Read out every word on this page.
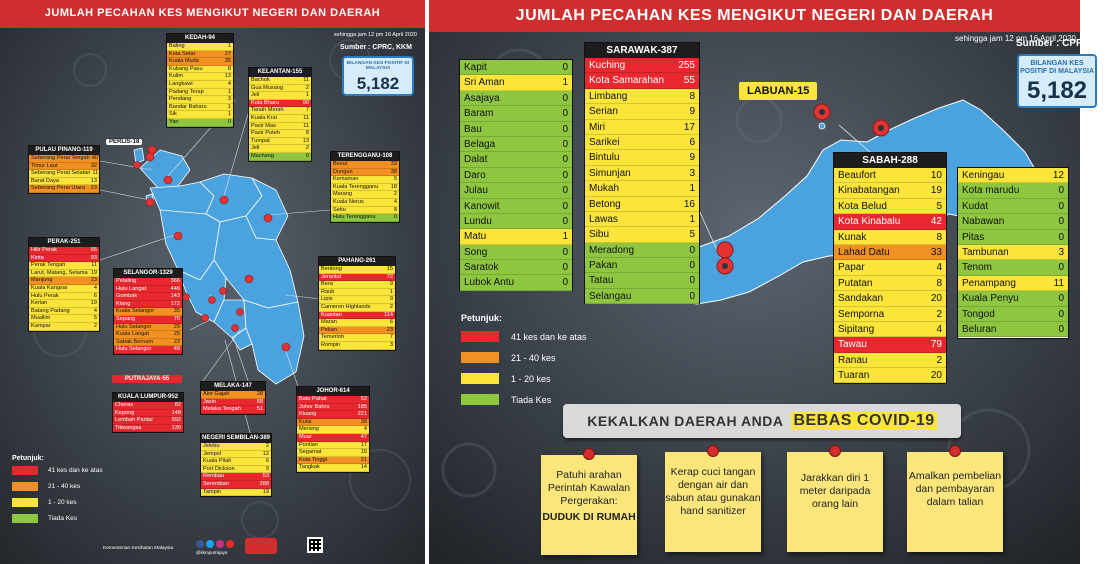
JUMLAH PECAHAN KES MENGIKUT NEGERI DAN DAERAH
sehingga jam 12 pm 16 April 2020
Sumber : CPRC, KKM
BILANGAN KES POSITIF DI MALAYSIA
5,182
KEDAH-94
Baling	1
Kota Setar	27
Kuala Muda	35
Kubang Pasu	8
Kulim	13
Langkawi	4
Padang Terap	1
Pendang	3
Bandar Baharu	1
Sik	1
Yan	0
KELANTAN-155
Bachok	11
Gua Musang	2
Jeli	1
Kota Bharu	90
Tanah Merah	7
Kuala Krai	11
Pasir Mas	11
Pasir Puteh	8
Tumpat	13
Jeli	2
Machang	0
PULAU PINANG-119
Seberang Perai Tengah 40
Timur Laut	32
Seberang Perai Selatan 11
Barat Daya	13
Seberang Perai Utara	23
TERENGGANU-108
Besut	33
Dungun	38
Kemaman	5
Kuala Terengganu	18
Marang	2
Kuala Nerus	4
Setiu	8
Hulu Terengganu	0
PERAK-251
Hilir Perak	65
Kinta	93
Perak Tengah	11
Larut, Matang, Selama 19
Manjung	23
Kuala Kangsar	4
Hulu Perak	6
Kerian	19
Batang Padang	4
Muallim	5
Kampar	2
SELANGOR-1329
Petaling	366
Hulu Langat	446
Gombak	143
Klang	172
Kuala Selangor	35
Sepang	70
Hulu Selangor	29
Kuala Langat	25
Sabak Bernam	23
Hulu Selangor	49
PAHANG-261
Bentong	15
Jerantut	72
Bera	9
Raub	1
Lipis	9
Cameron Highlands	2
Kuantan	114
Maran	6
Pekan	23
Temerloh	7
Rompin	3
KUALA LUMPUR-952
Cheras	82
Kepong	148
Lembah Pantai	592
Titiwangsa	130
MELAKA-147
Alor Gajah	28
Jasin	68
Melaka Tengah	51
NEGERI SEMBILAN-389
Jelebu	2
Jempol	12
Kuala Pilah	6
Port Dickson	9
Rembau	53
Seremban	288
Tampin	19
JOHOR-614
Batu Pahat	52
Johor Bahru	185
Kluang	221
Kulai	38
Mersing	4
Muar	47
Pontian	17
Segamat	15
Kota Tinggi	21
Tangkak	14
PERLIS-18
PUTRAJAYA-55
Petunjuk:
41 kes dan ke atas
21 - 40 kes
1 - 20 kes
Tiada Kes
Kementerian Kesihatan Malaysia
@kkmputrajaya
JUMLAH PECAHAN KES MENGIKUT NEGERI DAN DAERAH
sehingga jam 12 pm 16 April 2020
Sumber : CPRC, KKM
BILANGAN KES POSITIF DI MALAYSIA
5,182
LABUAN-15
Kapit	0
Sri Aman	1
Asajaya	0
Baram	0
Bau	0
Belaga	0
Dalat	0
Daro	0
Julau	0
Kanowit	0
Lundu	0
Matu	1
Song	0
Saratok	0
Lubok Antu	0
SARAWAK-387
Kuching	255
Kota Samarahan 55
Limbang	8
Serian	9
Miri	17
Sarikei	6
Bintulu	9
Simunjan	3
Mukah	1
Betong	16
Lawas	1
Sibu	5
Meradong	0
Pakan	0
Tatau	0
Selangau	0
SABAH-288
Beaufort	10
Kinabatangan	19
Kota Belud	5
Kota Kinabalu	42
Kunak	8
Lahad Datu	33
Papar	4
Putatan	8
Sandakan	20
Semporna	2
Sipitang	4
Tawau	79
Ranau	2
Tuaran	20
Keningau	12
Kota marudu	0
Kudat	0
Nabawan	0
Pitas	0
Tambunan	3
Tenom	0
Penampang	11
Kuala Penyu	0
Tongod	0
Beluran	0
Petunjuk:
41 kes dan ke atas
21 - 40 kes
1 - 20 kes
Tiada Kes
KEKALKAN DAERAH ANDA BEBAS COVID-19
Patuhi arahan Perintah Kawalan Pergerakan:
DUDUK DI RUMAH
Kerap cuci tangan dengan air dan sabun atau gunakan hand sanitizer
Jarakkan diri 1 meter daripada orang lain
Amalkan pembelian dan pembayaran dalam talian
